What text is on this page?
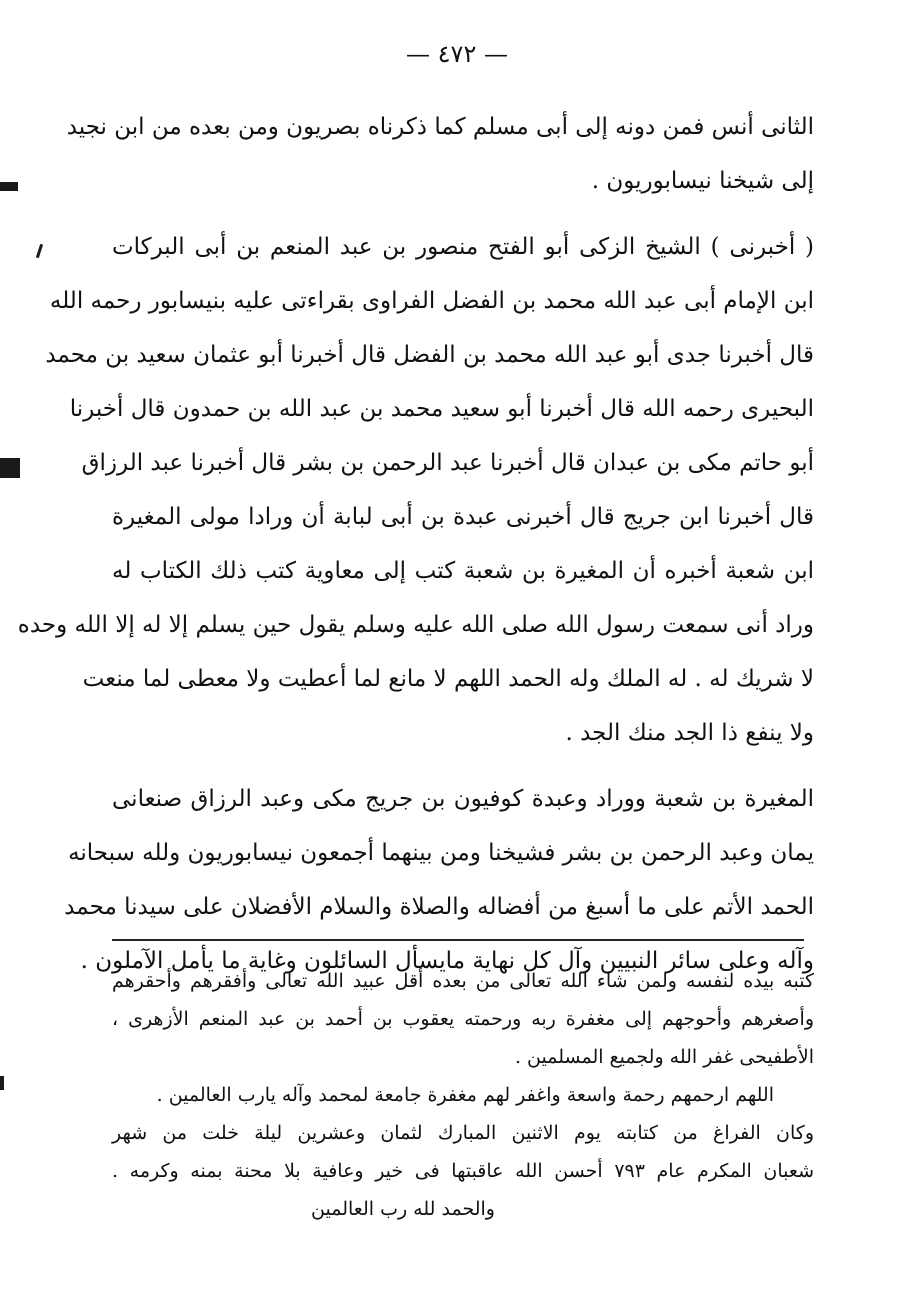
— ٤٧٢ —
الثانى أنس فمن دونه إلى أبى مسلم كما ذكرناه بصريون ومن بعده من ابن نجيد
إلى شيخنا نيسابوريون .
( أخبرنى ) الشيخ الزكى أبو الفتح منصور بن عبد المنعم بن أبى البركات
ابن الإمام أبى عبد الله محمد بن الفضل الفراوى بقراءتى عليه بنيسابور رحمه الله
قال أخبرنا جدى أبو عبد الله محمد بن الفضل قال أخبرنا أبو عثمان سعيد بن محمد
البحيرى رحمه الله قال أخبرنا أبو سعيد محمد بن عبد الله بن حمدون قال أخبرنا
أبو حاتم مكى بن عبدان قال أخبرنا عبد الرحمن بن بشر قال أخبرنا عبد الرزاق
قال أخبرنا ابن جريج قال أخبرنى عبدة بن أبى لبابة أن ورادا مولى المغيرة
ابن شعبة أخبره أن المغيرة بن شعبة كتب إلى معاوية كتب ذلك الكتاب له
وراد أنى سمعت رسول الله صلى الله عليه وسلم يقول حين يسلم إلا له إلا الله وحده
لا شريك له . له الملك وله الحمد اللهم لا مانع لما أعطيت ولا معطى لما منعت
ولا ينفع ذا الجد منك الجد .
المغيرة بن شعبة ووراد وعبدة كوفيون بن جريج مكى وعبد الرزاق صنعانى
يمان وعبد الرحمن بن بشر فشيخنا ومن بينهما أجمعون نيسابوريون ولله سبحانه
الحمد الأتم على ما أسبغ من أفضاله والصلاة والسلام الأفضلان على سيدنا محمد
وآله وعلى سائر النبيين وآل كل نهاية مايسأل السائلون وغاية ما يأمل الآملون .
كتبه بيده لنفسه ولمن شاء الله تعالى من بعده أقل عبيد الله تعالى وأفقرهم وأحقرهم
وأصغرهم وأحوجهم إلى مغفرة ربه ورحمته يعقوب بن أحمد بن عبد المنعم الأزهرى ،
الأطفيحى غفر الله ولجميع المسلمين .
اللهم ارحمهم رحمة واسعة واغفر لهم مغفرة جامعة لمحمد وآله يارب العالمين .
وكان الفراغ من كتابته يوم الاثنين المبارك لثمان وعشرين ليلة خلت من شهر
شعبان المكرم عام ٧٩٣ أحسن الله عاقبتها فى خير وعافية بلا محنة بمنه وكرمه .
والحمد لله رب العالمين
